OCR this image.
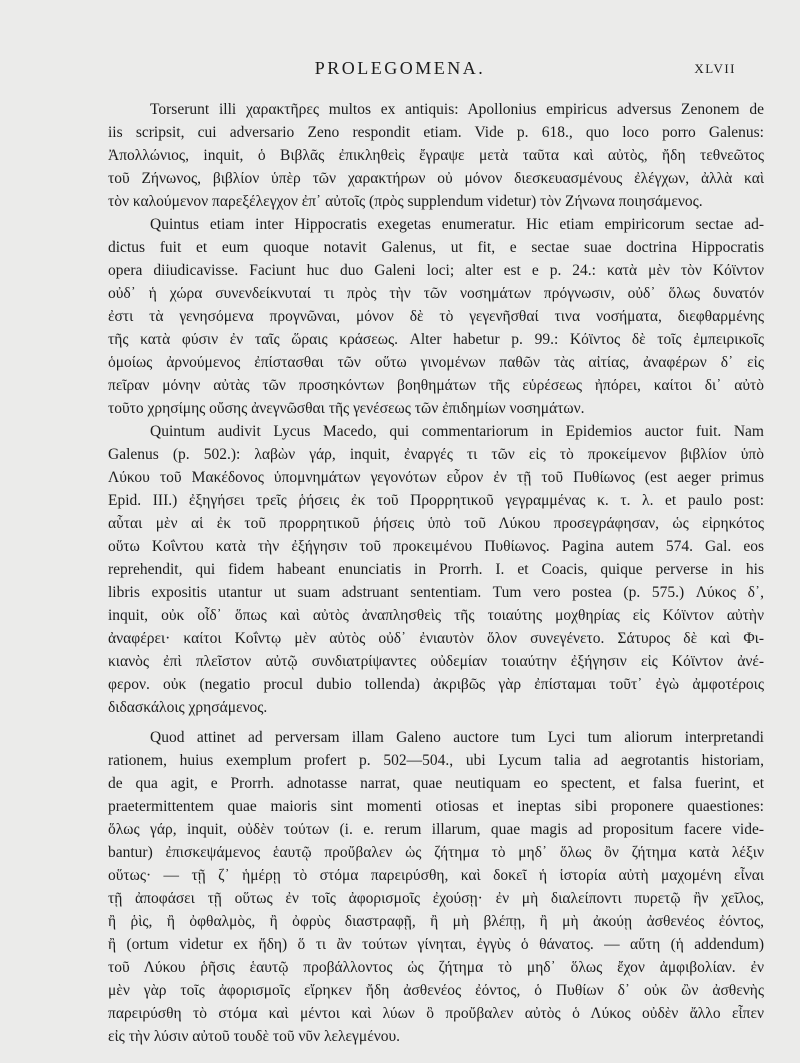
PROLEGOMENA.	XLVII
Torserunt illi χαρακτῆρες multos ex antiquis: Apollonius empiricus adversus Zenonem de
iis scripsit, cui adversario Zeno respondit etiam. Vide p. 618., quo loco porro Galenus:
Ἀπολλώνιος, inquit, ὁ Βιβλᾶς ἐπικληθεὶς ἔγραψε μετὰ ταῦτα καὶ αὐτὸς, ἤδη τεθνεῶτος
τοῦ Ζήνωνος, βιβλίον ὑπὲρ τῶν χαρακτήρων οὐ μόνον διεσκευασμένους ἐλέγχων, ἀλλὰ καὶ
τὸν καλούμενον παρεξέλεγχον ἐπ᾽ αὐτοῖς (πρὸς supplendum videtur) τὸν Ζήνωνα ποιησάμενος.
Quintus etiam inter Hippocratis exegetas enumeratur. Hic etiam empiricorum sectae ad-
dictus fuit et eum quoque notavit Galenus, ut fit, e sectae suae doctrina Hippocratis
opera diiudicavisse. Faciunt huc duo Galeni loci; alter est e p. 24.: κατὰ μὲν τὸν Κόϊντον
οὐδ᾽ ἡ χώρα συνενδείκνυταί τι πρὸς τὴν τῶν νοσημάτων πρόγνωσιν, οὐδ᾽ ὅλως δυνατόν
ἐστι τὰ γενησόμενα προγνῶναι, μόνον δὲ τὸ γεγενῆσθαί τινα νοσήματα, διεφθαρμένης
τῆς κατὰ φύσιν ἐν ταῖς ὥραις κράσεως. Alter habetur p. 99.: Κόϊντος δὲ τοῖς ἐμπειρικοῖς
ὁμοίως ἀρνούμενος ἐπίστασθαι τῶν οὕτω γινομένων παθῶν τὰς αἰτίας, ἀναφέρων δ᾽ εἰς
πεῖραν μόνην αὐτὰς τῶν προσηκόντων βοηθημάτων τῆς εὑρέσεως ἠπόρει, καίτοι δι᾽ αὐτὸ
τοῦτο χρησίμης οὔσης ἀνεγνῶσθαι τῆς γενέσεως τῶν ἐπιδημίων νοσημάτων.
Quintum audivit Lycus Macedo, qui commentariorum in Epidemios auctor fuit. Nam
Galenus (p. 502.): λαβὼν γάρ, inquit, ἐναργές τι τῶν εἰς τὸ προκείμενον βιβλίον ὑπὸ
Λύκου τοῦ Μακέδονος ὑπομνημάτων γεγονότων εὗρον ἐν τῇ τοῦ Πυθίωνος (est aeger primus
Epid. III.) ἐξηγήσει τρεῖς ῥήσεις ἐκ τοῦ Προρρητικοῦ γεγραμμένας κ. τ. λ. et paulo post:
αὗται μὲν αἱ ἐκ τοῦ προρρητικοῦ ῥήσεις ὑπὸ τοῦ Λύκου προσεγράφησαν, ὡς εἰρηκότος
οὕτω Κοΐντου κατὰ τὴν ἐξήγησιν τοῦ προκειμένου Πυθίωνος. Pagina autem 574. Gal. eos
reprehendit, qui fidem habeant enunciatis in Prorrh. I. et Coacis, quique perverse in his
libris expositis utantur ut suam adstruant sententiam. Tum vero postea (p. 575.) Λύκος δ᾽,
inquit, οὐκ οἶδ᾽ ὅπως καὶ αὐτὸς ἀναπλησθεὶς τῆς τοιαύτης μοχθηρίας εἰς Κόϊντον αὐτὴν
ἀναφέρει· καίτοι Κοΐντῳ μὲν αὐτὸς οὐδ᾽ ἐνιαυτὸν ὅλον συνεγένετο. Σάτυρος δὲ καὶ Φι-
κιανὸς ἐπὶ πλεῖστον αὐτῷ συνδιατρίψαντες οὐδεμίαν τοιαύτην ἐξήγησιν εἰς Κόϊντον ἀνέ-
φερον. οὐκ (negatio procul dubio tollenda) ἀκριβῶς γὰρ ἐπίσταμαι τοῦτ᾽ ἐγὼ ἀμφοτέροις
διδασκάλοις χρησάμενος.
Quod attinet ad perversam illam Galeno auctore tum Lyci tum aliorum interpretandi
rationem, huius exemplum profert p. 502—504., ubi Lycum talia ad aegrotantis historiam,
de qua agit, e Prorrh. adnotasse narrat, quae neutiquam eo spectent, et falsa fuerint, et
praetermittentem quae maioris sint momenti otiosas et ineptas sibi proponere quaestiones:
ὅλως γάρ, inquit, οὐδὲν τούτων (i. e. rerum illarum, quae magis ad propositum facere vide-
bantur) ἐπισκεψάμενος ἑαυτῷ προὔβαλεν ὡς ζήτημα τὸ μηδ᾽ ὅλως ὂν ζήτημα κατὰ λέξιν
οὕτως· — τῇ ζ᾽ ἡμέρῃ τὸ στόμα παρειρύσθη, καὶ δοκεῖ ἡ ἱστορία αὐτὴ μαχομένη εἶναι
τῇ ἀποφάσει τῇ οὕτως ἐν τοῖς ἀφορισμοῖς ἐχούσῃ· ἐν μὴ διαλείποντι πυρετῷ ἢν χεῖλος,
ἢ ῥὶς, ἢ ὀφθαλμὸς, ἢ ὀφρὺς διαστραφῇ, ἢ μὴ βλέπῃ, ἢ μὴ ἀκούῃ ἀσθενέος ἐόντος,
ἢ (ortum videtur ex ἤδη) ὅ τι ἂν τούτων γίνηται, ἐγγὺς ὁ θάνατος. — αὕτη (ἡ addendum)
τοῦ Λύκου ῥῆσις ἑαυτῷ προβάλλοντος ὡς ζήτημα τὸ μηδ᾽ ὅλως ἔχον ἀμφιβολίαν. ἐν
μὲν γὰρ τοῖς ἀφορισμοῖς εἴρηκεν ἤδη ἀσθενέος ἐόντος, ὁ Πυθίων δ᾽ οὐκ ὢν ἀσθενὴς
παρειρύσθη τὸ στόμα καὶ μέντοι καὶ λύων ὃ προὔβαλεν αὐτὸς ὁ Λύκος οὐδὲν ἄλλο εἶπεν
εἰς τὴν λύσιν αὐτοῦ τουδὲ τοῦ νῦν λελεγμένου.
